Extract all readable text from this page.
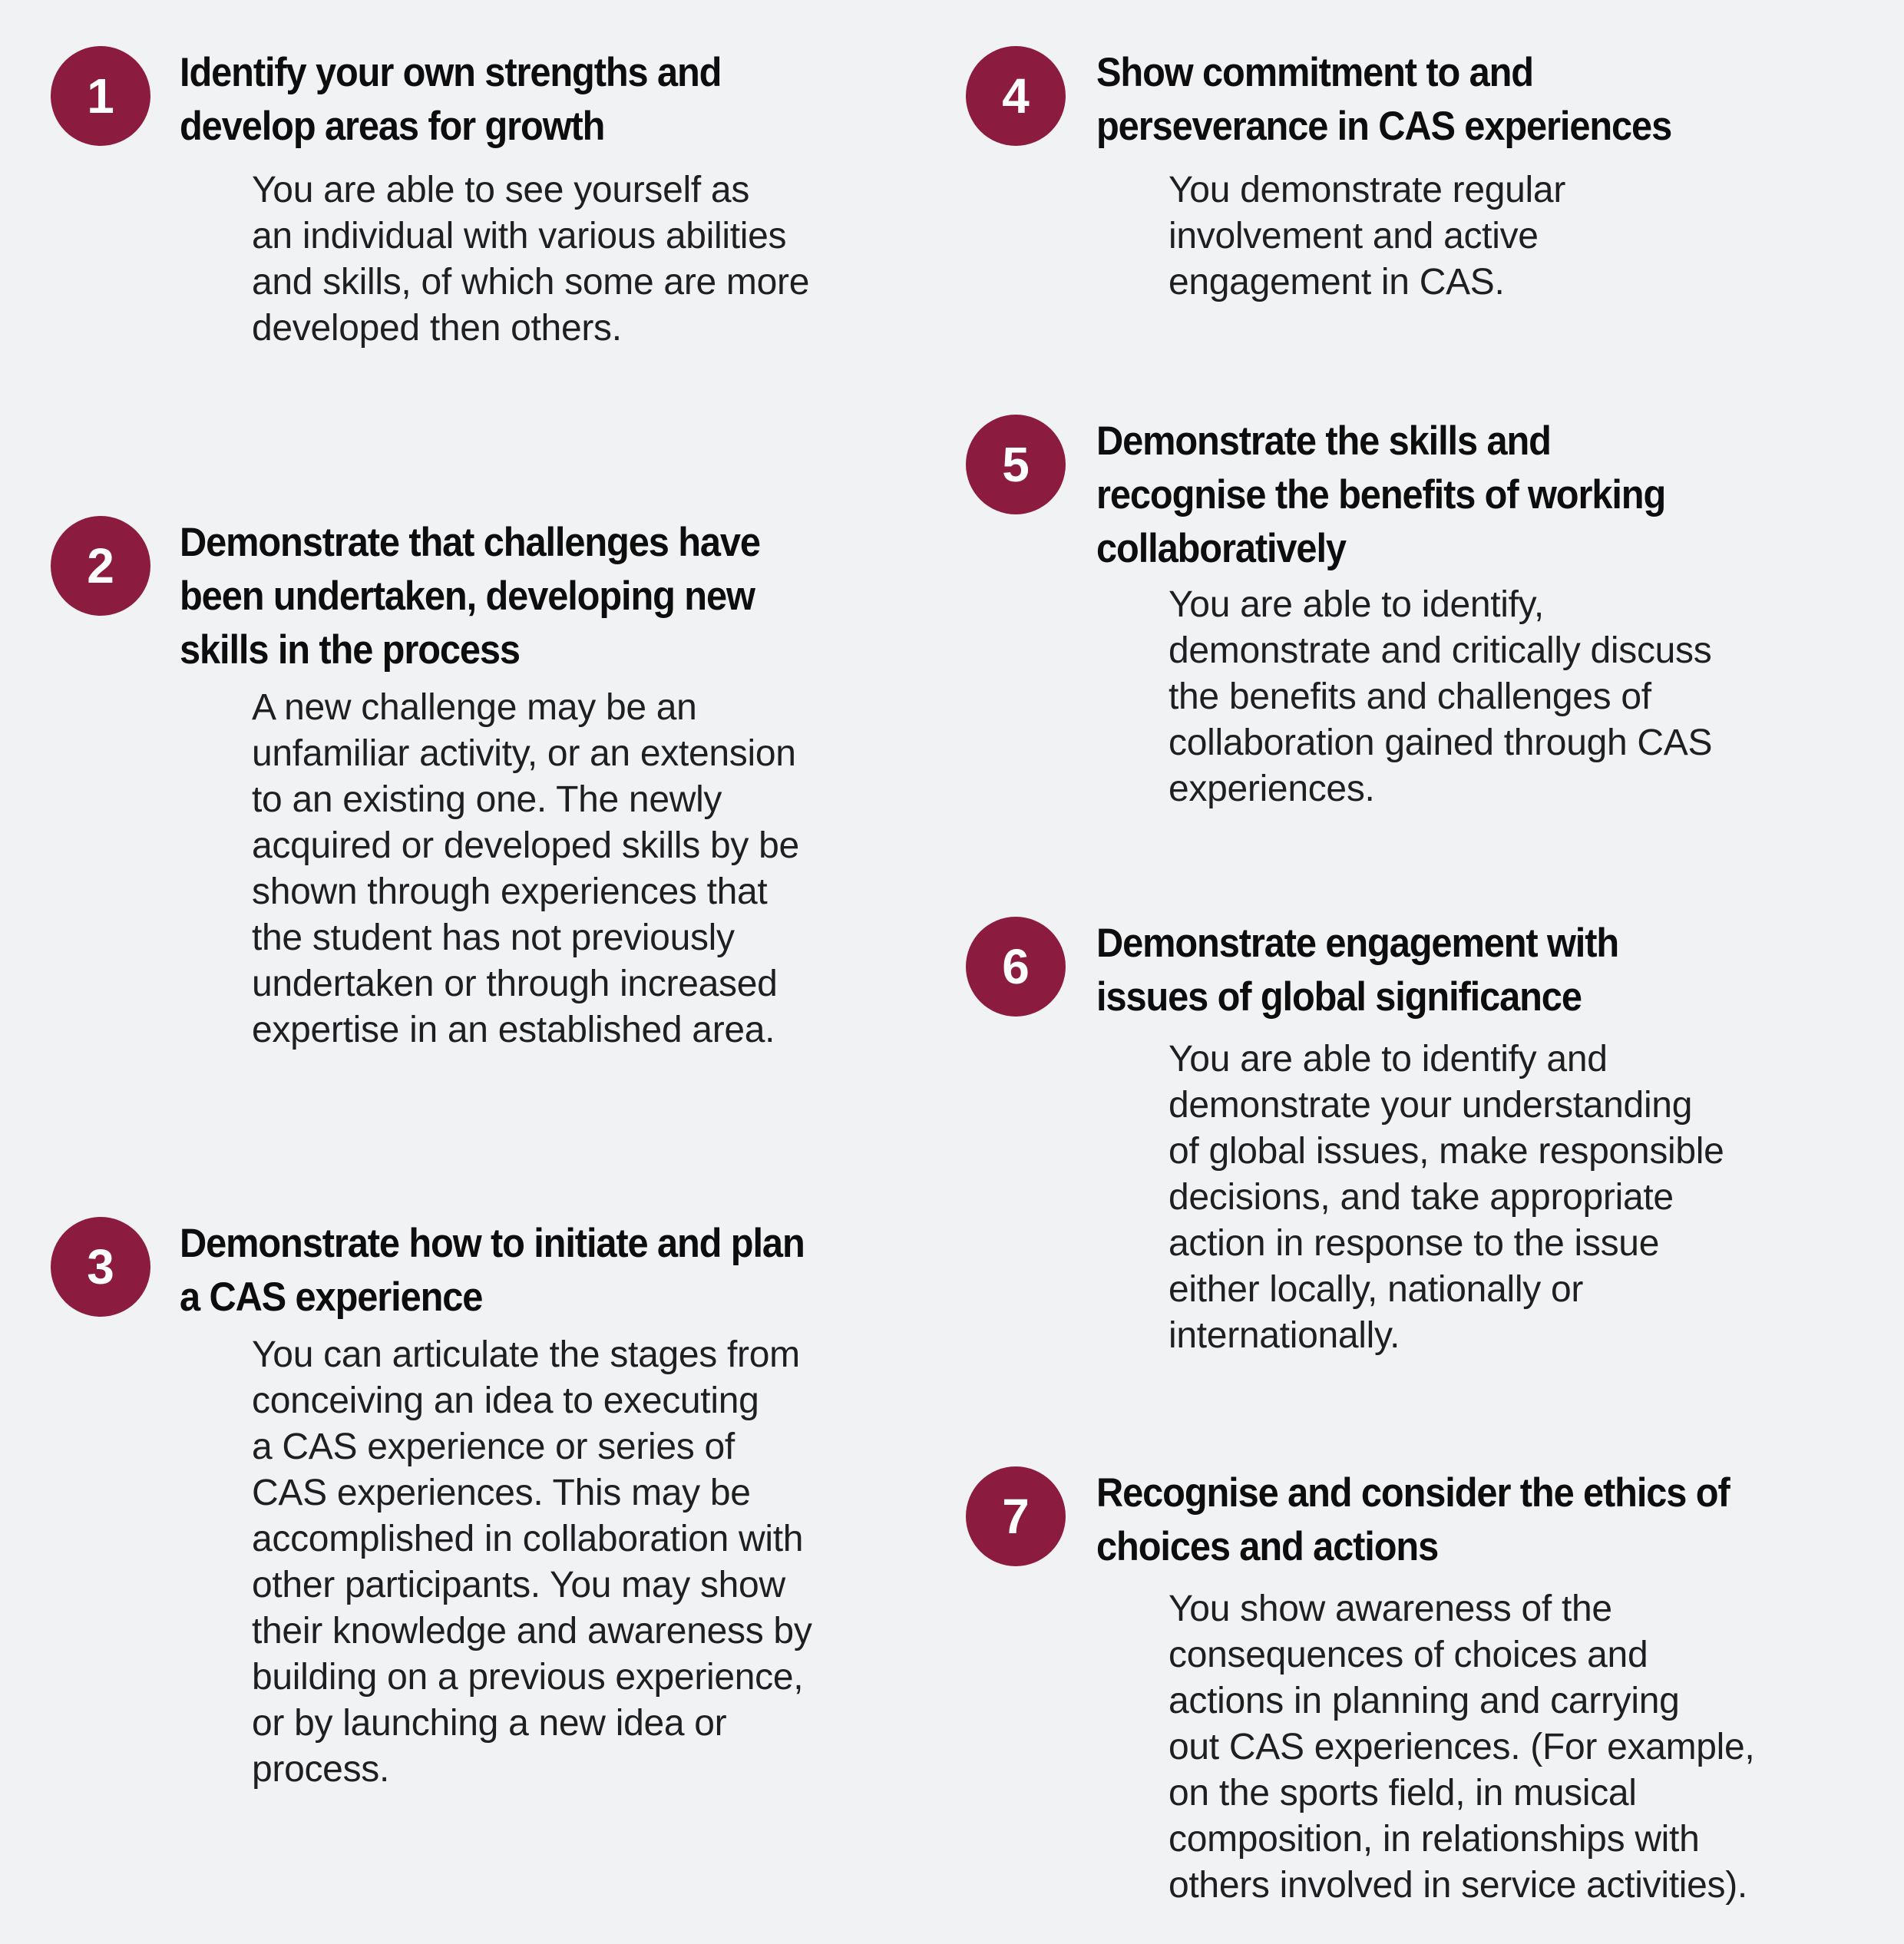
1	Identify your own strengths and
develop areas for growth

You are able to see yourself as
an individual with various abilities
and skills, of which some are more
developed then others.

2	Demonstrate that challenges have
been undertaken, developing new
skills in the process

A new challenge may be an
unfamiliar activity, or an extension
to an existing one. The newly
acquired or developed skills by be
shown through experiences that
the student has not previously
undertaken or through increased
expertise in an established area.

3	Demonstrate how to initiate and plan
a CAS experience

You can articulate the stages from
conceiving an idea to executing
a CAS experience or series of
CAS experiences. This may be
accomplished in collaboration with
other participants. You may show
their knowledge and awareness by
building on a previous experience,
or by launching a new idea or
process.

4	Show commitment to and
perseverance in CAS experiences

You demonstrate regular
involvement and active
engagement in CAS.

5	Demonstrate the skills and
recognise the benefits of working
collaboratively

You are able to identify,
demonstrate and critically discuss
the benefits and challenges of
collaboration gained through CAS
experiences.

6	Demonstrate engagement with
issues of global significance

You are able to identify and
demonstrate your understanding
of global issues, make responsible
decisions, and take appropriate
action in response to the issue
either locally, nationally or
internationally.

7	Recognise and consider the ethics of
choices and actions

You show awareness of the
consequences of choices and
actions in planning and carrying
out CAS experiences. (For example,
on the sports field, in musical
composition, in relationships with
others involved in service activities).
